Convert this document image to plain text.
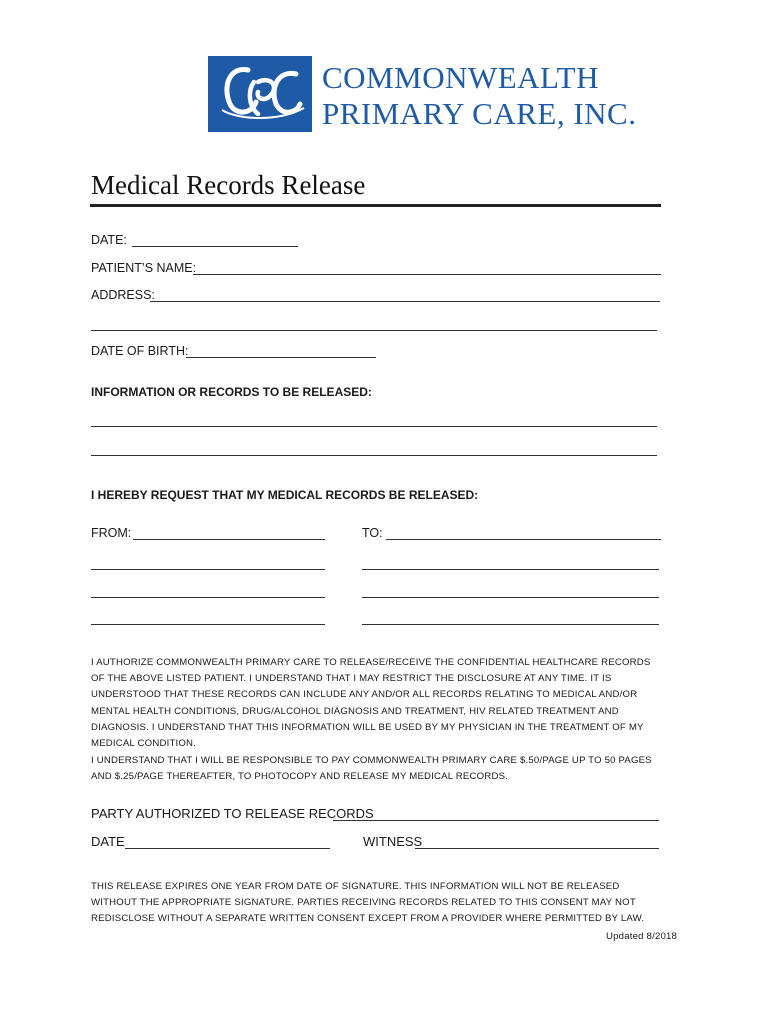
COMMONWEALTH
PRIMARY CARE, INC.
Medical Records Release
DATE:
PATIENT’S NAME:
ADDRESS:
DATE OF BIRTH:
INFORMATION OR RECORDS TO BE RELEASED:
I HEREBY REQUEST THAT MY MEDICAL RECORDS BE RELEASED:
FROM:	TO:
I AUTHORIZE COMMONWEALTH PRIMARY CARE TO RELEASE/RECEIVE THE CONFIDENTIAL HEALTHCARE RECORDS OF THE ABOVE LISTED PATIENT. I UNDERSTAND THAT I MAY RESTRICT THE DISCLOSURE AT ANY TIME. IT IS UNDERSTOOD THAT THESE RECORDS CAN INCLUDE ANY AND/OR ALL RECORDS RELATING TO MEDICAL AND/OR MENTAL HEALTH CONDITIONS, DRUG/ALCOHOL DIAGNOSIS AND TREATMENT, HIV RELATED TREATMENT AND DIAGNOSIS. I UNDERSTAND THAT THIS INFORMATION WILL BE USED BY MY PHYSICIAN IN THE TREATMENT OF MY MEDICAL CONDITION.
I UNDERSTAND THAT I WILL BE RESPONSIBLE TO PAY COMMONWEALTH PRIMARY CARE $.50/PAGE UP TO 50 PAGES AND $.25/PAGE THEREAFTER, TO PHOTOCOPY AND RELEASE MY MEDICAL RECORDS.
PARTY AUTHORIZED TO RELEASE RECORDS
DATE	WITNESS
THIS RELEASE EXPIRES ONE YEAR FROM DATE OF SIGNATURE. THIS INFORMATION WILL NOT BE RELEASED WITHOUT THE APPROPRIATE SIGNATURE. PARTIES RECEIVING RECORDS RELATED TO THIS CONSENT MAY NOT REDISCLOSE WITHOUT A SEPARATE WRITTEN CONSENT EXCEPT FROM A PROVIDER WHERE PERMITTED BY LAW.
Updated 8/2018
